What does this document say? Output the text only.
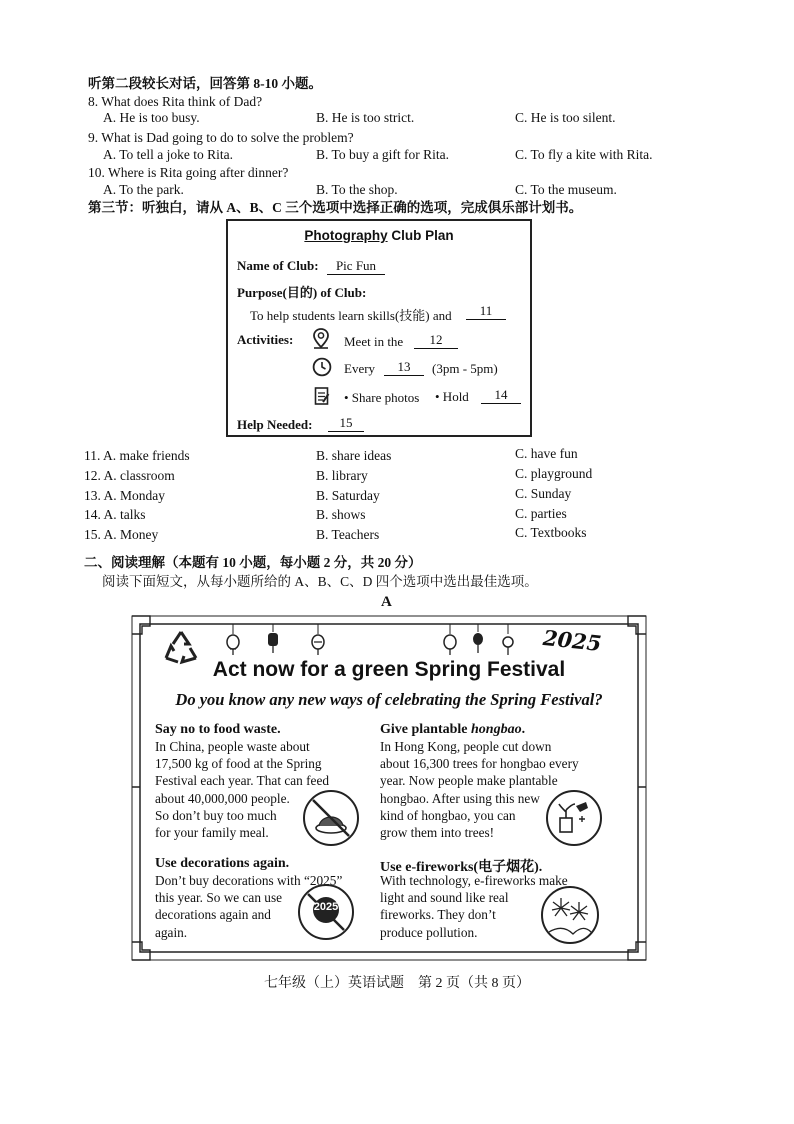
听第二段较长对话，回答第 8-10 小题。
8. What does Rita think of Dad?
A. He is too busy.	B. He is too strict.	C. He is too silent.
9. What is Dad going to do to solve the problem?
A. To tell a joke to Rita.	B. To buy a gift for Rita.	C. To fly a kite with Rita.
10. Where is Rita going after dinner?
A. To the park.	B. To the shop.	C. To the museum.
第三节：听独白，请从 A、B、C 三个选项中选择正确的选项，完成俱乐部计划书。
Photography Club Plan
Name of Club:	Pic Fun
Purpose(目的) of Club:
To help students learn skills(技能) and	11
Activities:	Meet in the	12
Every	13	(3pm - 5pm)
• Share photos • Hold	14
Help Needed:	15
11. A. make friends	B. share ideas	C. have fun
12. A. classroom	B. library	C. playground
13. A. Monday	B. Saturday	C. Sunday
14. A. talks	B. shows	C. parties
15. A. Money	B. Teachers	C. Textbooks
二、阅读理解（本题有 10 小题，每小题 2 分，共 20 分）
阅读下面短文，从每小题所给的 A、B、C、D 四个选项中选出最佳选项。
A
2025
Act now for a green Spring Festival
Do you know any new ways of celebrating the Spring Festival?
Say no to food waste.
In China, people waste about
17,500 kg of food at the Spring
Festival each year. That can feed
about 40,000,000 people.
So don’t buy too much
for your family meal.
Give plantable hongbao.
In Hong Kong, people cut down
about 16,300 trees for hongbao every
year. Now people make plantable
hongbao. After using this new
kind of hongbao, you can
grow them into trees!
Use decorations again.
Don’t buy decorations with “2025”
this year. So we can use
decorations again and
again.
2025
Use e-fireworks(电子烟花).
With technology, e-fireworks make
light and sound like real
fireworks. They don’t
produce pollution.
七年级（上）英语试题　第 2 页（共 8 页）
